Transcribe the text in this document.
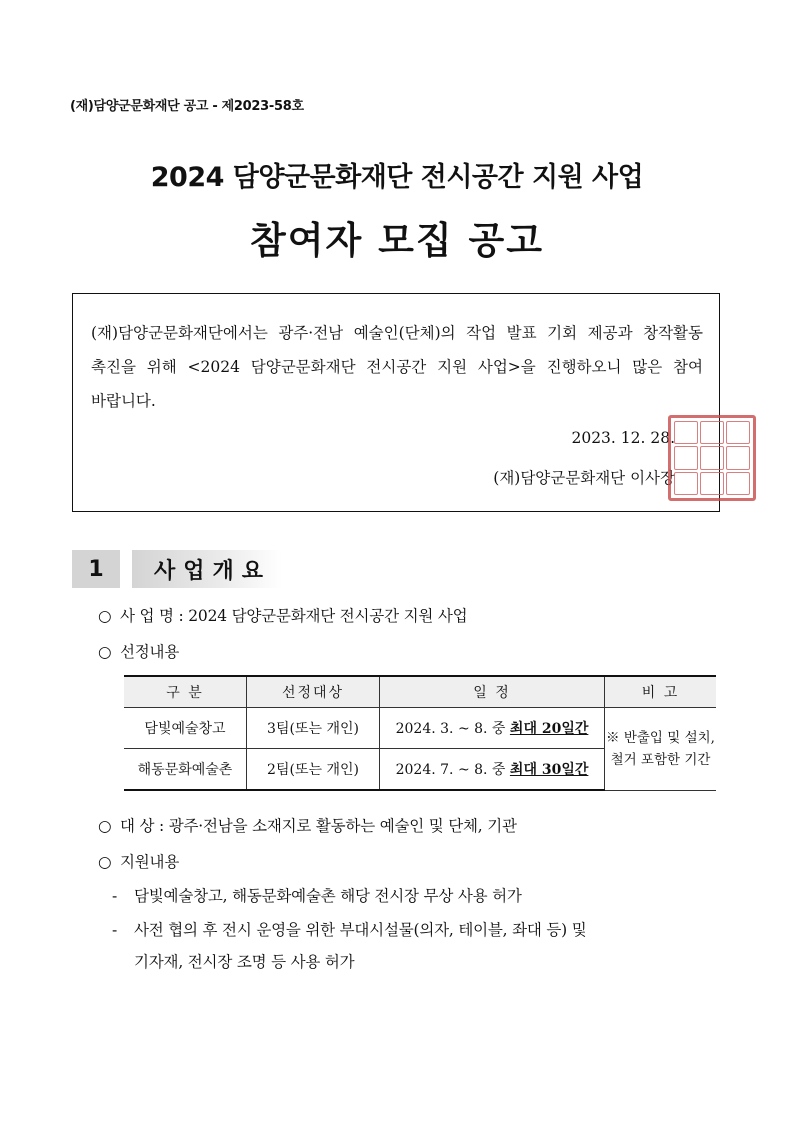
(재)담양군문화재단 공고 - 제2023-58호
2024 담양군문화재단 전시공간 지원 사업
참여자 모집 공고
(재)담양군문화재단에서는 광주·전남 예술인(단체)의 작업 발표 기회 제공과 창작활동 촉진을 위해 <2024 담양군문화재단 전시공간 지원 사업>을 진행하오니 많은 참여 바랍니다.
2023. 12. 28.
(재)담양군문화재단 이사장
1	사업개요
○ 사 업 명 : 2024 담양군문화재단 전시공간 지원 사업
○ 선정내용
구 분	선정대상	일 정	비 고
담빛예술창고	3팀(또는 개인)	2024. 3. ~ 8. 중 최대 20일간	※ 반출입 및 설치, 철거 포함한 기간
해동문화예술촌	2팀(또는 개인)	2024. 7. ~ 8. 중 최대 30일간	
○ 대 상 : 광주·전남을 소재지로 활동하는 예술인 및 단체, 기관
○ 지원내용
- 담빛예술창고, 해동문화예술촌 해당 전시장 무상 사용 허가
- 사전 협의 후 전시 운영을 위한 부대시설물(의자, 테이블, 좌대 등) 및
기자재, 전시장 조명 등 사용 허가
